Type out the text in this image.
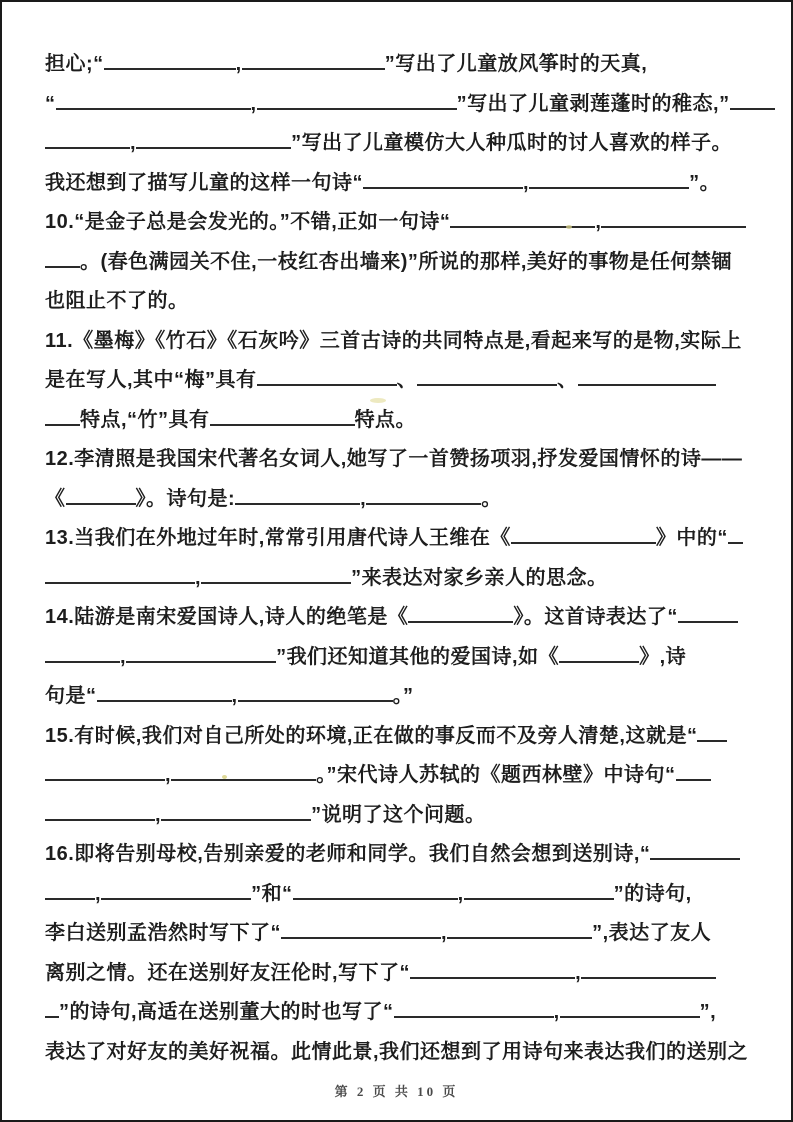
担心;“	,	”写出了儿童放风筝时的天真,
“	,	”写出了儿童剥莲蓬时的稚态,”
,	”写出了儿童模仿大人种瓜时的讨人喜欢的样子。
我还想到了描写儿童的这样一句诗“	,	”。
10.“是金子总是会发光的。”不错,正如一句诗“	,
。(春色满园关不住,一枝红杏出墙来)”所说的那样,美好的事物是任何禁锢
也阻止不了的。
11.《墨梅》《竹石》《石灰吟》三首古诗的共同特点是,看起来写的是物,实际上
是在写人,其中“梅”具有	、	、
特点,“竹”具有	特点。
12.李清照是我国宋代著名女词人,她写了一首赞扬项羽,抒发爱国情怀的诗——
《	》。诗句是:	,	。
13.当我们在外地过年时,常常引用唐代诗人王维在《	》中的“
,	”来表达对家乡亲人的思念。
14.陆游是南宋爱国诗人,诗人的绝笔是《	》。这首诗表达了“
,	”我们还知道其他的爱国诗,如《	》,诗
句是“	,	。”
15.有时候,我们对自己所处的环境,正在做的事反而不及旁人清楚,这就是“
,	。”宋代诗人苏轼的《题西林壁》中诗句“
,	”说明了这个问题。
16.即将告别母校,告别亲爱的老师和同学。我们自然会想到送别诗,“
,	”和“	,	”的诗句,
李白送别孟浩然时写下了“	,	”,表达了友人
离别之情。还在送别好友汪伦时,写下了“	,
”的诗句,高适在送别董大的时也写了“	,	”,
表达了对好友的美好祝福。此情此景,我们还想到了用诗句来表达我们的送别之
第 2 页 共 10 页
